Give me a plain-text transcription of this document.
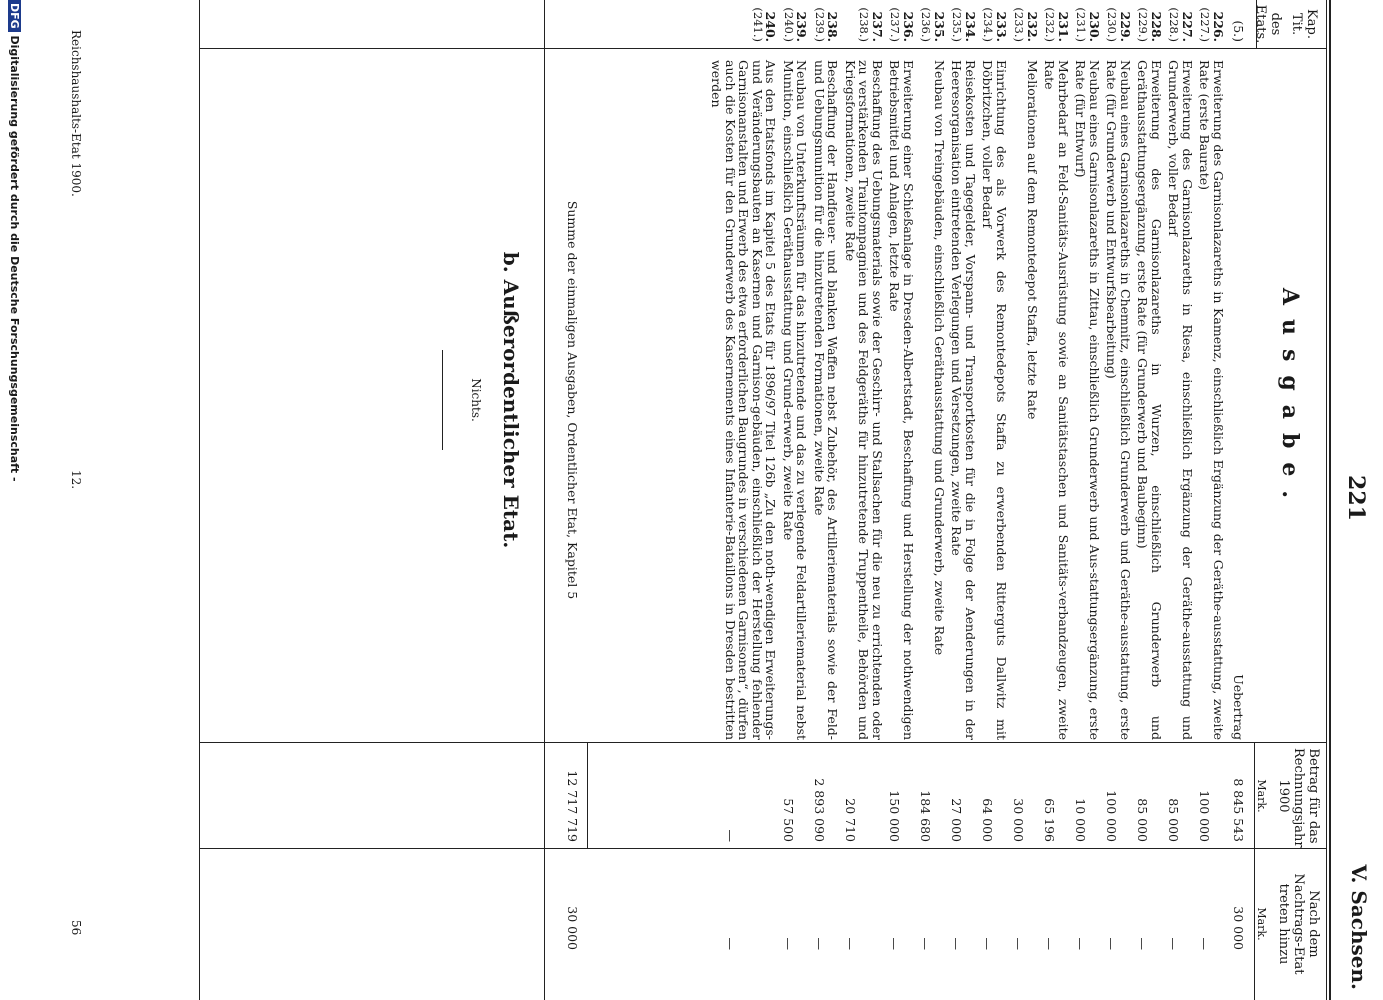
221
V. Sachsen.
Kap. Tit.
des Etats.
Ausgabe.
Betrag für das Rechnungsjahr 1900
Mark.
Nach dem Nachtrags-Etat treten hinzu
Mark.
(5.)
Uebertrag
8 845 543
30 000
226.
(227.)
Erweiterung des Garnisonlazareths in Kamenz, einschließlich Ergänzung der Geräthe-ausstattung, zweite Rate (erste Baurate)
100 000
—
227.
(228.)
Erweiterung des Garnisonlazareths in Riesa, einschließlich Ergänzung der Geräthe-ausstattung und Grunderwerb, voller Bedarf
85 000
—
228.
(229.)
Erweiterung des Garnisonlazareths in Wurzen, einschließlich Grunderwerb und Geräthausstattungsergänzung, erste Rate (für Grunderwerb und Baubeginn)
85 000
—
229.
(230.)
Neubau eines Garnisonlazareths in Chemnitz, einschließlich Grunderwerb und Geräthe-ausstattung, erste Rate (für Grunderwerb und Entwurfsbearbeitung)
100 000
—
230.
(231.)
Neubau eines Garnisonlazareths in Zittau, einschließlich Grunderwerb und Aus-stattungsergänzung, erste Rate (für Entwurf)
10 000
—
231.
(232.)
Mehrbedarf an Feld-Sanitäts-Ausrüstung sowie an Sanitätstaschen und Sanitäts-verbandzeugen, zweite Rate
65 196
—
232.
(233.)
Meliorationen auf dem Remontedepot Staffa, letzte Rate
30 000
—
233.
(234.)
Einrichtung des als Vorwerk des Remontedepots Staffa zu erwerbenden Ritterguts Dallwitz mit Döbritzchen, voller Bedarf
64 000
—
234.
(235.)
Reisekosten und Tagegelder, Vorspann- und Transportkosten für die in Folge der Aenderungen in der Heeresorganisation eintretenden Verlegungen und Versetzungen, zweite Rate
27 000
—
235.
(236.)
Neubau von Treingebäuden, einschließlich Geräthausstattung und Grunderwerb, zweite Rate
184 680
—
236.
(237.)
Erweiterung einer Schießanlage in Dresden-Albertstadt, Beschaffung und Herstellung der nothwendigen Betriebsmittel und Anlagen, letzte Rate
150 000
—
237.
(238.)
Beschaffung des Uebungsmaterials sowie der Geschirr- und Stallsachen für die neu zu errichtenden oder zu verstärkenden Traintompagnien und des Feldgeräths für hinzutretende Truppentheile, Behörden und Kriegsformationen, zweite Rate
20 710
—
238.
(239.)
Beschaffung der Handfeuer- und blanken Waffen nebst Zubehör, des Artilleriematerials sowie der Feld- und Uebungsmunition für die hinzutretenden Formationen, zweite Rate
2 893 090
—
239.
(240.)
Neubau von Unterkunftsräumen für das hinzutretende und das zu verlegende Feldartilleriematerial nebst Munition, einschließlich Geräthausstattung und Grund-erwerb, zweite Rate
57 500
—
240.
(241.)
Aus den Etatsfonds im Kapitel 5 des Etats für 1896/97 Titel 126b „Zu den noth-wendigen Erweiterungs- und Veränderungsbauten an Kasernen und Garnison-gebäuden, einschließlich der Herstellung fehlender Garnisonanstalten und Erwerb des etwa erforderlichen Baugrundes in verschiedenen Garnisonen“, dürfen auch die Kosten für den Grunderwerb des Kasernements eines Infanterie-Bataillons in Dresden bestritten werden
—
—
Summe der einmaligen Ausgaben, Ordentlicher Etat, Kapitel 5
12 717 719
30 000
b. Außerordentlicher Etat.
Nichts.
Reichshaushalts-Etat 1900.
12.
56
DFG Digitalisierung gefördert durch die Deutsche Forschungsgemeinschaft -
